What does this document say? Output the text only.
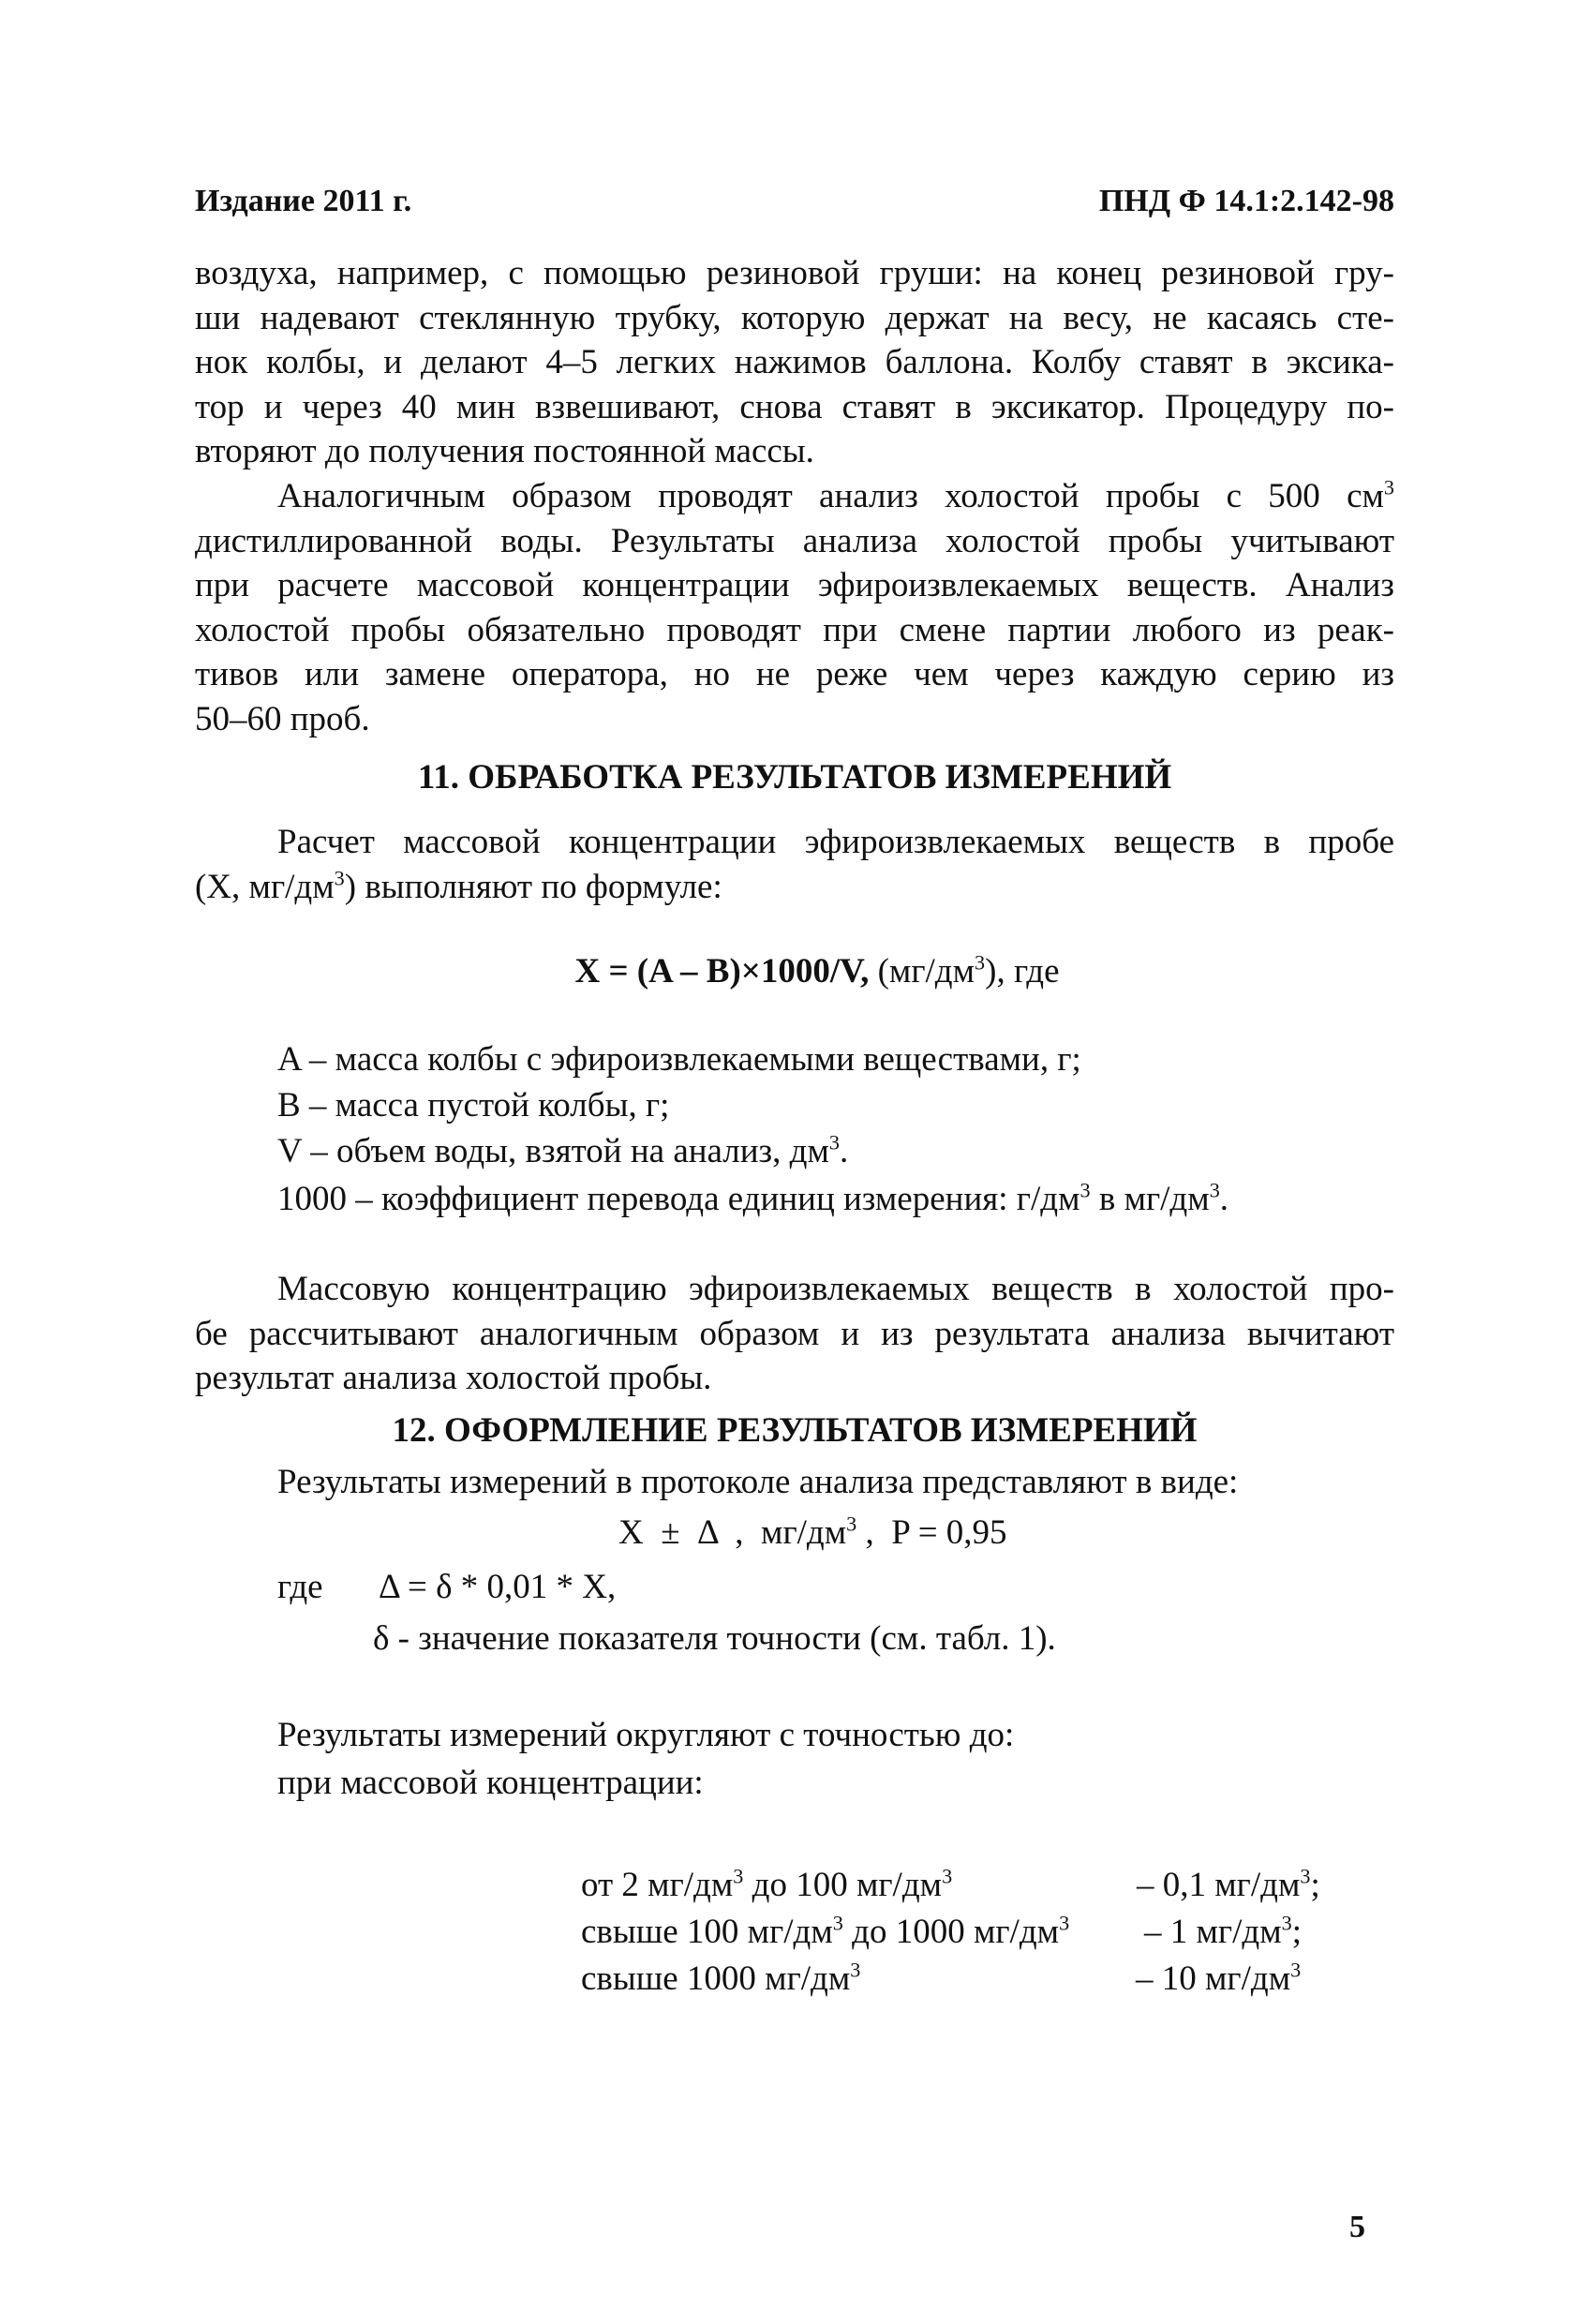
Издание 2011 г.	ПНД Ф 14.1:2.142-98
воздуха, например, с помощью резиновой груши: на конец резиновой гру-
ши надевают стеклянную трубку, которую держат на весу, не касаясь сте-
нок колбы, и делают 4–5 легких нажимов баллона. Колбу ставят в эксика-
тор и через 40 мин взвешивают, снова ставят в эксикатор. Процедуру по-
вторяют до получения постоянной массы.
Аналогичным образом проводят анализ холостой пробы с 500 $см^3$
дистиллированной воды. Результаты анализа холостой пробы учитывают
при расчете массовой концентрации эфироизвлекаемых веществ. Анализ
холостой пробы обязательно проводят при смене партии любого из реак-
тивов или замене оператора, но не реже чем через каждую серию из
50–60 проб.
11. ОБРАБОТКА РЕЗУЛЬТАТОВ ИЗМЕРЕНИЙ
Расчет массовой концентрации эфироизвлекаемых веществ в пробе
(X, $мг/дм^3$) выполняют по формуле:
X = (A – B)×1000/V, $(мг/дм^3)$, где
A – масса колбы с эфироизвлекаемыми веществами, г;
B – масса пустой колбы, г;
V – объем воды, взятой на анализ, $дм^3$.
1000 – коэффициент перевода единиц измерения: $г/дм^3$ в $мг/дм^3$.
Массовую концентрацию эфироизвлекаемых веществ в холостой про-
бе рассчитывают аналогичным образом и из результата анализа вычитают
результат анализа холостой пробы.
12. ОФОРМЛЕНИЕ РЕЗУЛЬТАТОВ ИЗМЕРЕНИЙ
Результаты измерений в протоколе анализа представляют в виде:
X  ±  Δ  ,  $мг/дм^3$ ,  P = 0,95
где Δ = δ * 0,01 * X,
δ - значение показателя точности (см. табл. 1).
Результаты измерений округляют с точностью до:
при массовой концентрации:
от 2 $мг/дм^3$ до 100 $мг/дм^3$	– 0,1 $мг/дм^3$;
свыше 100 $мг/дм^3$ до 1000 $мг/дм^3 - 1$ $мг/дм^3$;
свыше 1000 $мг/дм^3$	– 10 $мг/дм^3$
5
